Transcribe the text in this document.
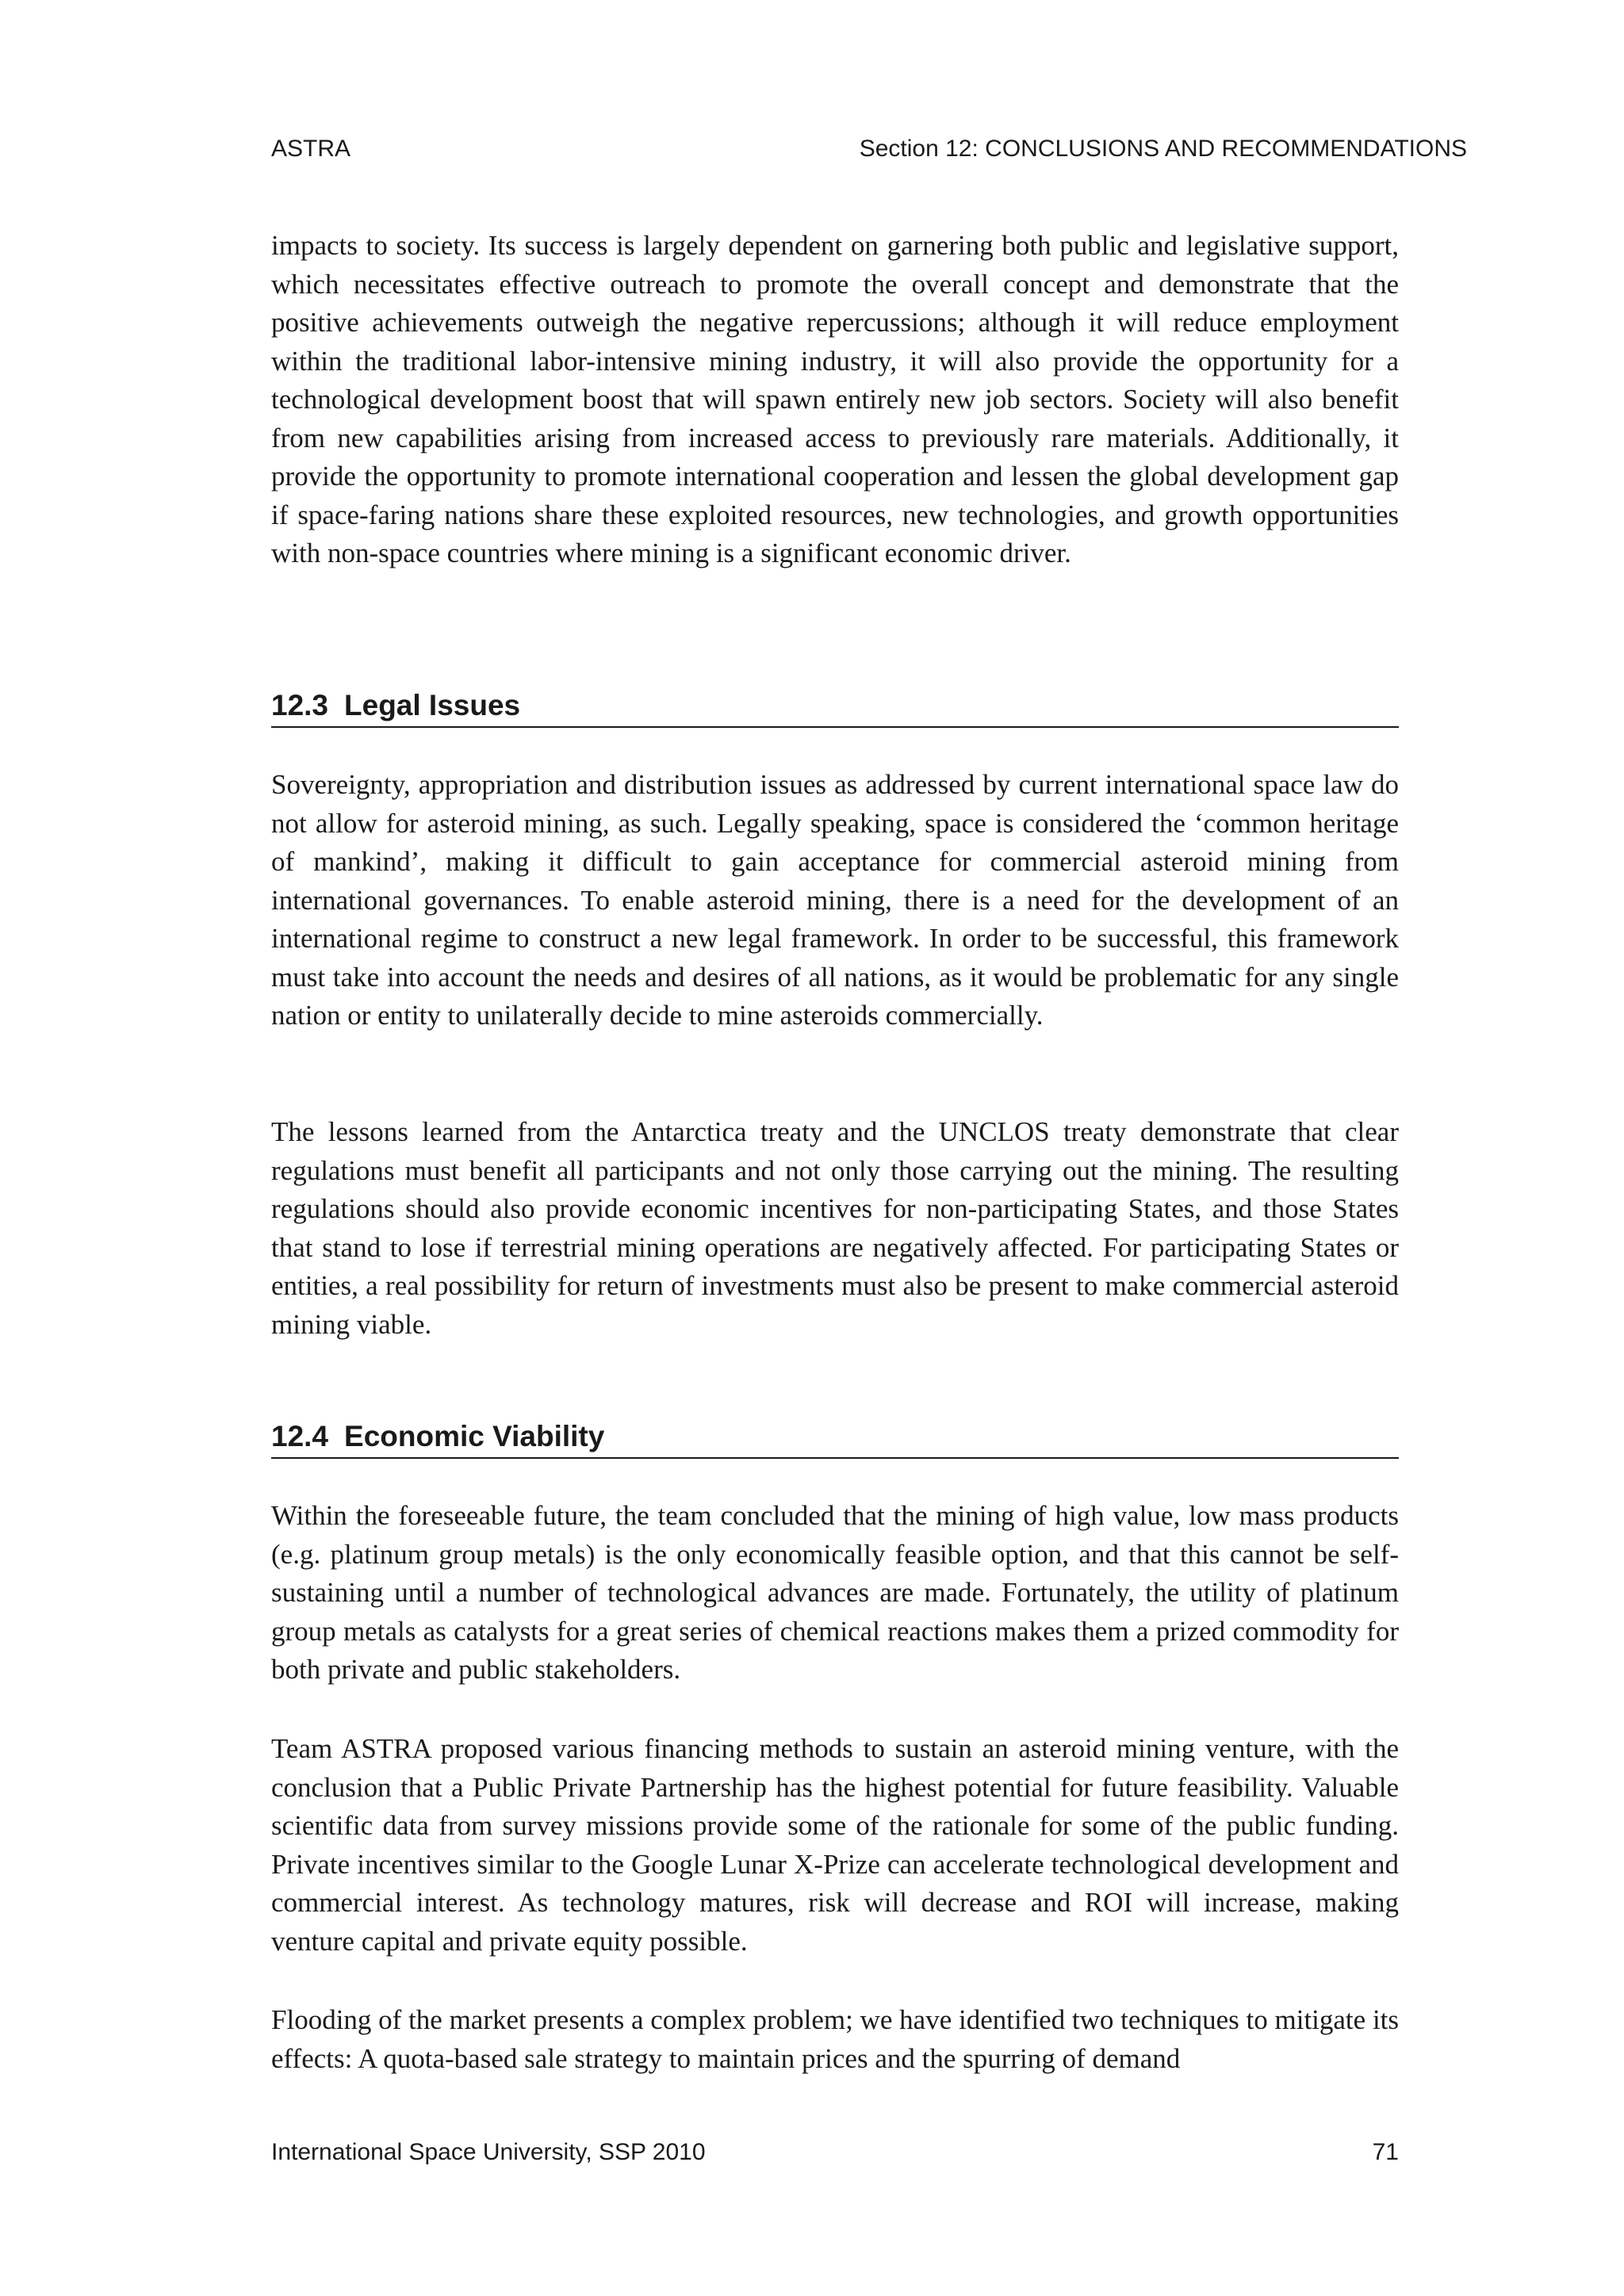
ASTRA	Section 12: CONCLUSIONS AND RECOMMENDATIONS

impacts to society. Its success is largely dependent on garnering both public and legislative support, which necessitates effective outreach to promote the overall concept and demonstrate that the positive achievements outweigh the negative repercussions; although it will reduce employment within the traditional labor-intensive mining industry, it will also provide the opportunity for a technological development boost that will spawn entirely new job sectors. Society will also benefit from new capabilities arising from increased access to previously rare materials. Additionally, it provide the opportunity to promote international cooperation and lessen the global development gap if space-faring nations share these exploited resources, new technologies, and growth opportunities with non-space countries where mining is a significant economic driver.

12.3 Legal Issues

Sovereignty, appropriation and distribution issues as addressed by current international space law do not allow for asteroid mining, as such. Legally speaking, space is considered the ‘common heritage of mankind’, making it difficult to gain acceptance for commercial asteroid mining from international governances. To enable asteroid mining, there is a need for the development of an international regime to construct a new legal framework. In order to be successful, this framework must take into account the needs and desires of all nations, as it would be problematic for any single nation or entity to unilaterally decide to mine asteroids commercially.

The lessons learned from the Antarctica treaty and the UNCLOS treaty demonstrate that clear regulations must benefit all participants and not only those carrying out the mining. The resulting regulations should also provide economic incentives for non-participating States, and those States that stand to lose if terrestrial mining operations are negatively affected. For participating States or entities, a real possibility for return of investments must also be present to make commercial asteroid mining viable.

12.4 Economic Viability

Within the foreseeable future, the team concluded that the mining of high value, low mass products (e.g. platinum group metals) is the only economically feasible option, and that this cannot be self-sustaining until a number of technological advances are made. Fortunately, the utility of platinum group metals as catalysts for a great series of chemical reactions makes them a prized commodity for both private and public stakeholders.

Team ASTRA proposed various financing methods to sustain an asteroid mining venture, with the conclusion that a Public Private Partnership has the highest potential for future feasibility. Valuable scientific data from survey missions provide some of the rationale for some of the public funding. Private incentives similar to the Google Lunar X-Prize can accelerate technological development and commercial interest. As technology matures, risk will decrease and ROI will increase, making venture capital and private equity possible.

Flooding of the market presents a complex problem; we have identified two techniques to mitigate its effects: A quota-based sale strategy to maintain prices and the spurring of demand

International Space University, SSP 2010	71
